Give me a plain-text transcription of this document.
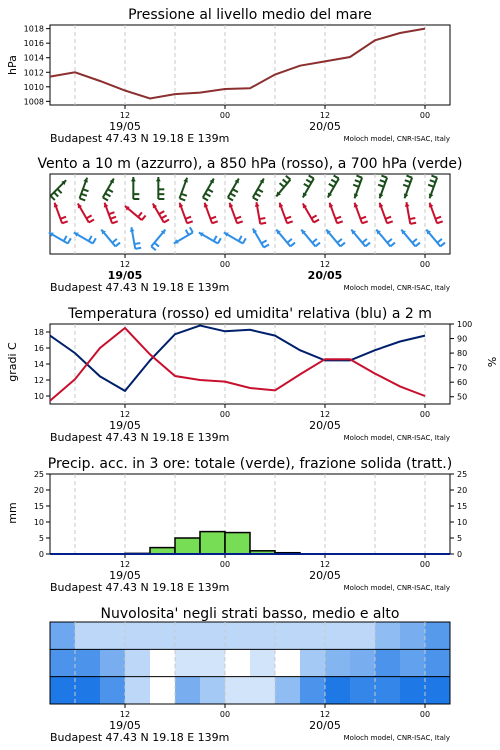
Pressione al livello medio del mare
hPa
12	00	12	00
19/05	20/05
Budapest 47.43 N 19.18 E 139m	Moloch model, CNR-ISAC, Italy
1008
1010
1012
1014
1016
1018
Vento a 10 m (azzurro), a 850 hPa (rosso), a 700 hPa (verde)
12	00	12	00
19/05	20/05
Budapest 47.43 N 19.18 E 139m	Moloch model, CNR-ISAC, Italy
Temperatura (rosso) ed umidita' relativa (blu) a 2 m
gradi C	%
12	00	12	00
19/05	20/05
Budapest 47.43 N 19.18 E 139m	Moloch model, CNR-ISAC, Italy
10
12
14
16
18
50
60
70
80
90
100
Precip. acc. in 3 ore: totale (verde), frazione solida (tratt.)
mm
12	00	12	00
19/05	20/05
Budapest 47.43 N 19.18 E 139m	Moloch model, CNR-ISAC, Italy
0
5
10
15
20
25
0
5
10
15
20
25
Nuvolosita' negli strati basso, medio e alto
12	00	12	00
19/05	20/05
Budapest 47.43 N 19.18 E 139m	Moloch model, CNR-ISAC, Italy
